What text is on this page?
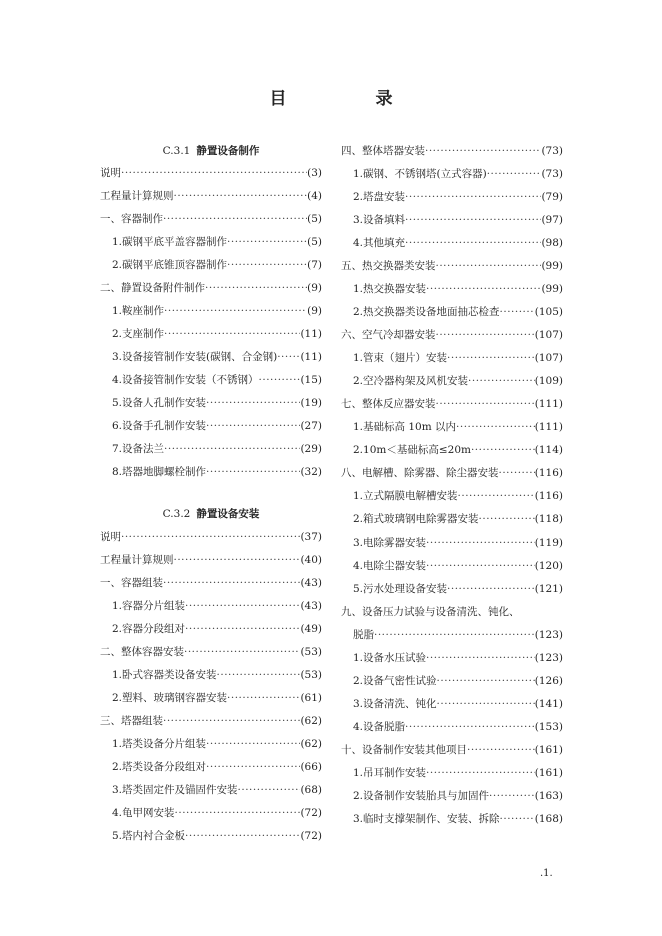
目　录
C.3.1 静置设备制作
说明 ·····	(3)
工程量计算规则 ·····	(4)
一、容器制作 ·····	(5)
1.碳钢平底平盖容器制作 ·····	(5)
2.碳钢平底锥顶容器制作 ·····	(7)
二、静置设备附件制作 ·····	(9)
1.鞍座制作 ·····	(9)
2.支座制作 ·····	(11)
3.设备接管制作安装(碳钢、合金钢) ····· (11)
4.设备接管制作安装（不锈钢） ·····	(15)
5.设备人孔制作安装 ·····	(19)
6.设备手孔制作安装 ·····	(27)
7.设备法兰 ·····	(29)
8.塔器地脚螺栓制作 ·····	(32)
C.3.2 静置设备安装
说明 ·····	(37)
工程量计算规则 ·····	(40)
一、容器组装 ·····	(43)
1.容器分片组装 ·····	(43)
2.容器分段组对 ·····	(49)
二、整体容器安装 ·····	(53)
1.卧式容器类设备安装 ·····	(53)
2.塑料、玻璃钢容器安装 ·····	(61)
三、塔器组装 ·····	(62)
1.塔类设备分片组装 ·····	(62)
2.塔类设备分段组对 ·····	(66)
3.塔类固定件及锚固件安装 ·····	(68)
4.龟甲网安装 ·····	(72)
5.塔内衬合金板 ·····	(72)
四、整体塔器安装 ·····	(73)
1.碳钢、不锈钢塔(立式容器) ·····	(73)
2.塔盘安装 ·····	(79)
3.设备填料 ·····	(97)
4.其他填充 ·····	(98)
五、热交换器类安装 ·····	(99)
1.热交换器安装 ·····	(99)
2.热交换器类设备地面抽芯检查 ·····	(105)
六、空气冷却器安装 ·····	(107)
1.管束（翅片）安装 ·····	(107)
2.空冷器构架及风机安装 ·····	(109)
七、整体反应器安装 ·····	(111)
1.基础标高 10m 以内 ·····	(111)
2.10m＜基础标高≤20m ·····	(114)
八、电解槽、除雾器、除尘器安装 ·····	(116)
1.立式隔膜电解槽安装 ·····	(116)
2.箱式玻璃钢电除雾器安装 ·····	(118)
3.电除雾器安装 ·····	(119)
4.电除尘器安装 ·····	(120)
5.污水处理设备安装 ·····	(121)
九、设备压力试验与设备清洗、钝化、
脱脂 ·····	(123)
1.设备水压试验 ·····	(123)
2.设备气密性试验 ·····	(126)
3.设备清洗、钝化 ·····	(141)
4.设备脱脂 ·····	(153)
十、设备制作安装其他项目 ·····	(161)
1.吊耳制作安装 ·····	(161)
2.设备制作安装胎具与加固件 ·····	(163)
3.临时支撑架制作、安装、拆除 ·····	(168)
.1.
